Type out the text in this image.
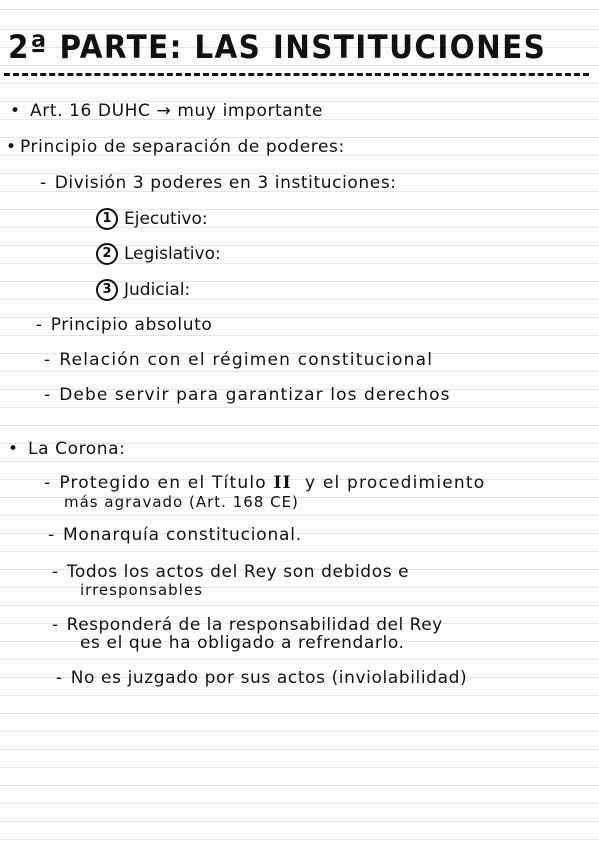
2ª PARTE: LAS INSTITUCIONES
• Art. 16 DUHC → muy importante
• Principio de separación de poderes:
- División 3 poderes en 3 instituciones:
1 Ejecutivo:
2 Legislativo:
3 Judicial:
- Principio absoluto
- Relación con el régimen constitucional
- Debe servir para garantizar los derechos
• La Corona:
- Protegido en el Título II y el procedimiento
más agravado (Art. 168 CE)
- Monarquía constitucional.
- Todos los actos del Rey son debidos e
irresponsables
- Responderá de la responsabilidad del Rey
es el que ha obligado a refrendarlo.
- No es juzgado por sus actos (inviolabilidad)
